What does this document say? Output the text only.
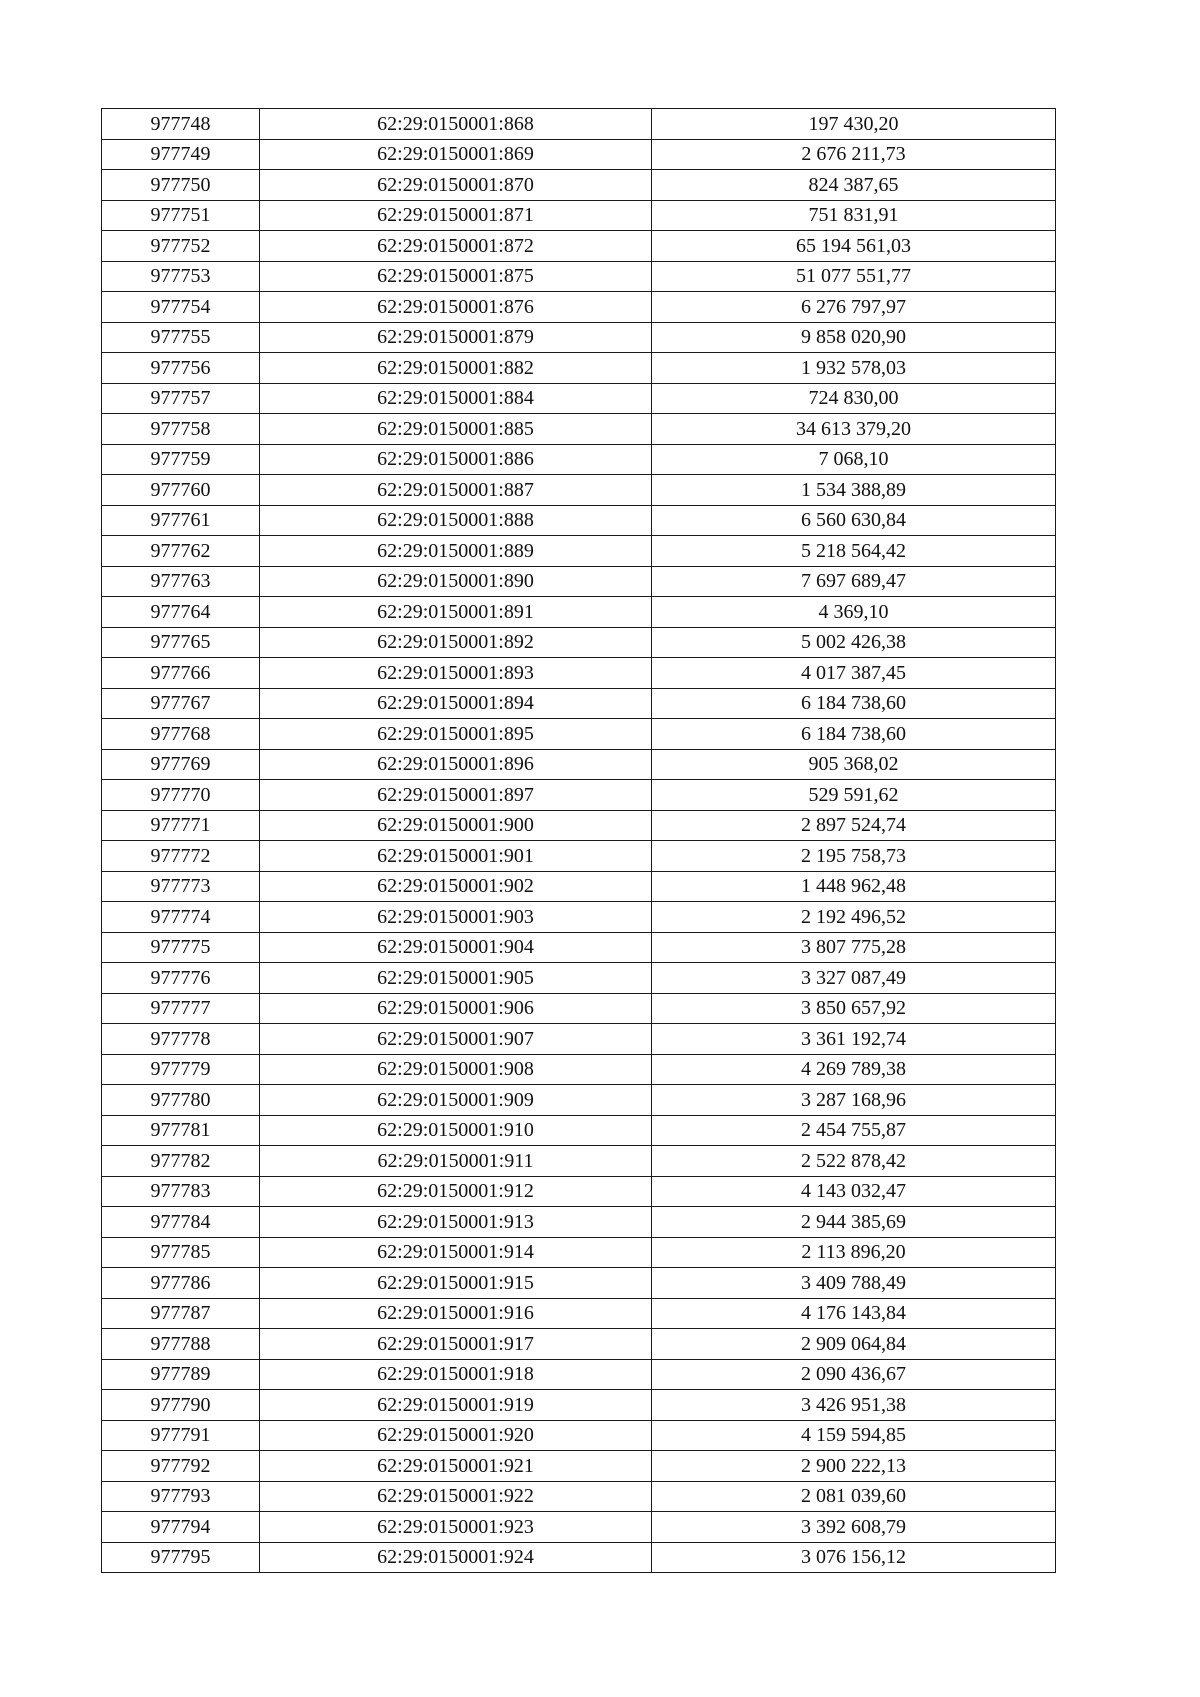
977748	62:29:0150001:868	197 430,20
977749	62:29:0150001:869	2 676 211,73
977750	62:29:0150001:870	824 387,65
977751	62:29:0150001:871	751 831,91
977752	62:29:0150001:872	65 194 561,03
977753	62:29:0150001:875	51 077 551,77
977754	62:29:0150001:876	6 276 797,97
977755	62:29:0150001:879	9 858 020,90
977756	62:29:0150001:882	1 932 578,03
977757	62:29:0150001:884	724 830,00
977758	62:29:0150001:885	34 613 379,20
977759	62:29:0150001:886	7 068,10
977760	62:29:0150001:887	1 534 388,89
977761	62:29:0150001:888	6 560 630,84
977762	62:29:0150001:889	5 218 564,42
977763	62:29:0150001:890	7 697 689,47
977764	62:29:0150001:891	4 369,10
977765	62:29:0150001:892	5 002 426,38
977766	62:29:0150001:893	4 017 387,45
977767	62:29:0150001:894	6 184 738,60
977768	62:29:0150001:895	6 184 738,60
977769	62:29:0150001:896	905 368,02
977770	62:29:0150001:897	529 591,62
977771	62:29:0150001:900	2 897 524,74
977772	62:29:0150001:901	2 195 758,73
977773	62:29:0150001:902	1 448 962,48
977774	62:29:0150001:903	2 192 496,52
977775	62:29:0150001:904	3 807 775,28
977776	62:29:0150001:905	3 327 087,49
977777	62:29:0150001:906	3 850 657,92
977778	62:29:0150001:907	3 361 192,74
977779	62:29:0150001:908	4 269 789,38
977780	62:29:0150001:909	3 287 168,96
977781	62:29:0150001:910	2 454 755,87
977782	62:29:0150001:911	2 522 878,42
977783	62:29:0150001:912	4 143 032,47
977784	62:29:0150001:913	2 944 385,69
977785	62:29:0150001:914	2 113 896,20
977786	62:29:0150001:915	3 409 788,49
977787	62:29:0150001:916	4 176 143,84
977788	62:29:0150001:917	2 909 064,84
977789	62:29:0150001:918	2 090 436,67
977790	62:29:0150001:919	3 426 951,38
977791	62:29:0150001:920	4 159 594,85
977792	62:29:0150001:921	2 900 222,13
977793	62:29:0150001:922	2 081 039,60
977794	62:29:0150001:923	3 392 608,79
977795	62:29:0150001:924	3 076 156,12
